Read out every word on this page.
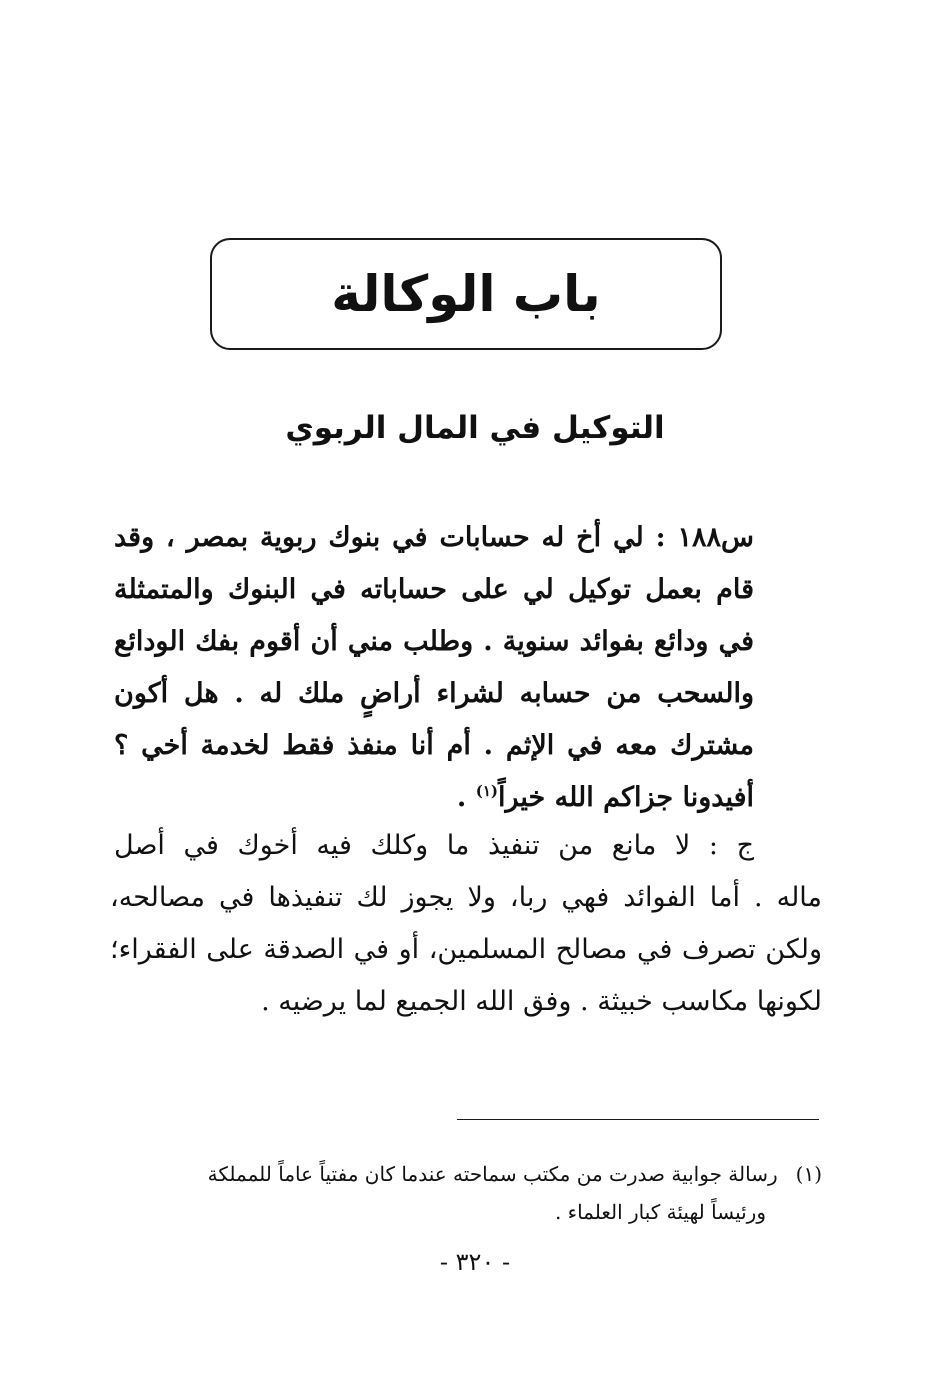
باب الوكالة
التوكيل في المال الربوي

س١٨٨ : لي أخ له حسابات في بنوك ربوية بمصر ، وقد قام بعمل توكيل لي على حساباته في البنوك والمتمثلة في ودائع بفوائد سنوية . وطلب مني أن أقوم بفك الودائع والسحب من حسابه لشراء أراضٍ ملك له . هل أكون مشترك معه في الإثم . أم أنا منفذ فقط لخدمة أخي ؟ أفيدونا جزاكم الله خيراً$^{(١)}$ .

ج : لا مانع من تنفيذ ما وكلك فيه أخوك في أصل

ماله . أما الفوائد فهي ربا، ولا يجوز لك تنفيذها في مصالحه، ولكن تصرف في مصالح المسلمين، أو في الصدقة على الفقراء؛ لكونها مكاسب خبيثة . وفق الله الجميع لما يرضيه .

(١)رسالة جوابية صدرت من مكتب سماحته عندما كان مفتياً عاماً للمملكة
ورئيساً لهيئة كبار العلماء .

- ٣٢٠ -
